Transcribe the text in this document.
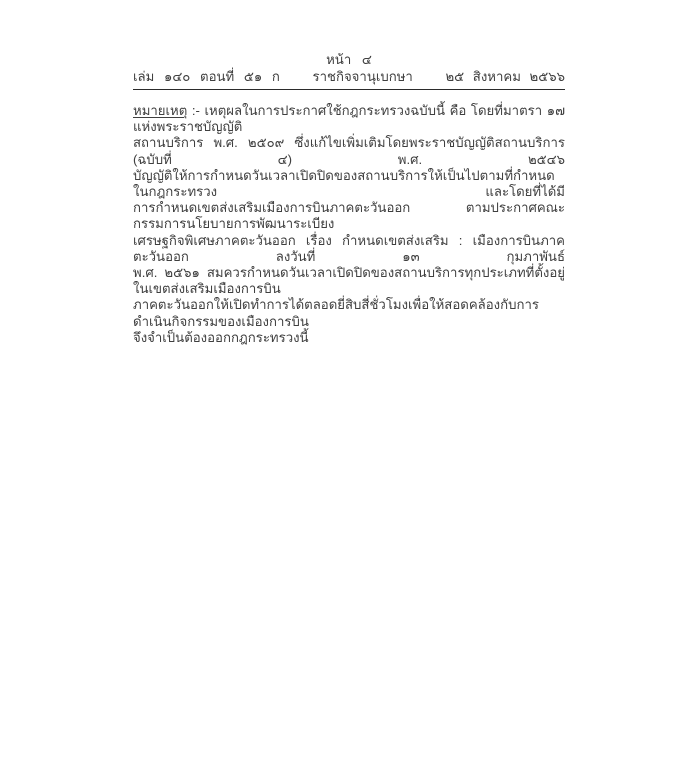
หน้า ๔
เล่ม ๑๔๐ ตอนที่ ๕๑ ก ราชกิจจานุเบกษา ๒๕ สิงหาคม ๒๕๖๖
หมายเหตุ :- เหตุผลในการประกาศใช้กฎกระทรวงฉบับนี้ คือ โดยที่มาตรา ๑๗ แห่งพระราชบัญญัติ
สถานบริการ พ.ศ. ๒๕๐๙ ซึ่งแก้ไขเพิ่มเติมโดยพระราชบัญญัติสถานบริการ (ฉบับที่ ๔) พ.ศ. ๒๕๔๖
บัญญัติให้การกำหนดวันเวลาเปิดปิดของสถานบริการให้เป็นไปตามที่กำหนดในกฎกระทรวง และโดยที่ได้มี
การกำหนดเขตส่งเสริมเมืองการบินภาคตะวันออก ตามประกาศคณะกรรมการนโยบายการพัฒนาระเบียง
เศรษฐกิจพิเศษภาคตะวันออก เรื่อง กำหนดเขตส่งเสริม : เมืองการบินภาคตะวันออก ลงวันที่ ๑๓ กุมภาพันธ์
พ.ศ. ๒๕๖๑ สมควรกำหนดวันเวลาเปิดปิดของสถานบริการทุกประเภทที่ตั้งอยู่ในเขตส่งเสริมเมืองการบิน
ภาคตะวันออกให้เปิดทำการได้ตลอดยี่สิบสี่ชั่วโมงเพื่อให้สอดคล้องกับการดำเนินกิจกรรมของเมืองการบิน
จึงจำเป็นต้องออกกฎกระทรวงนี้
